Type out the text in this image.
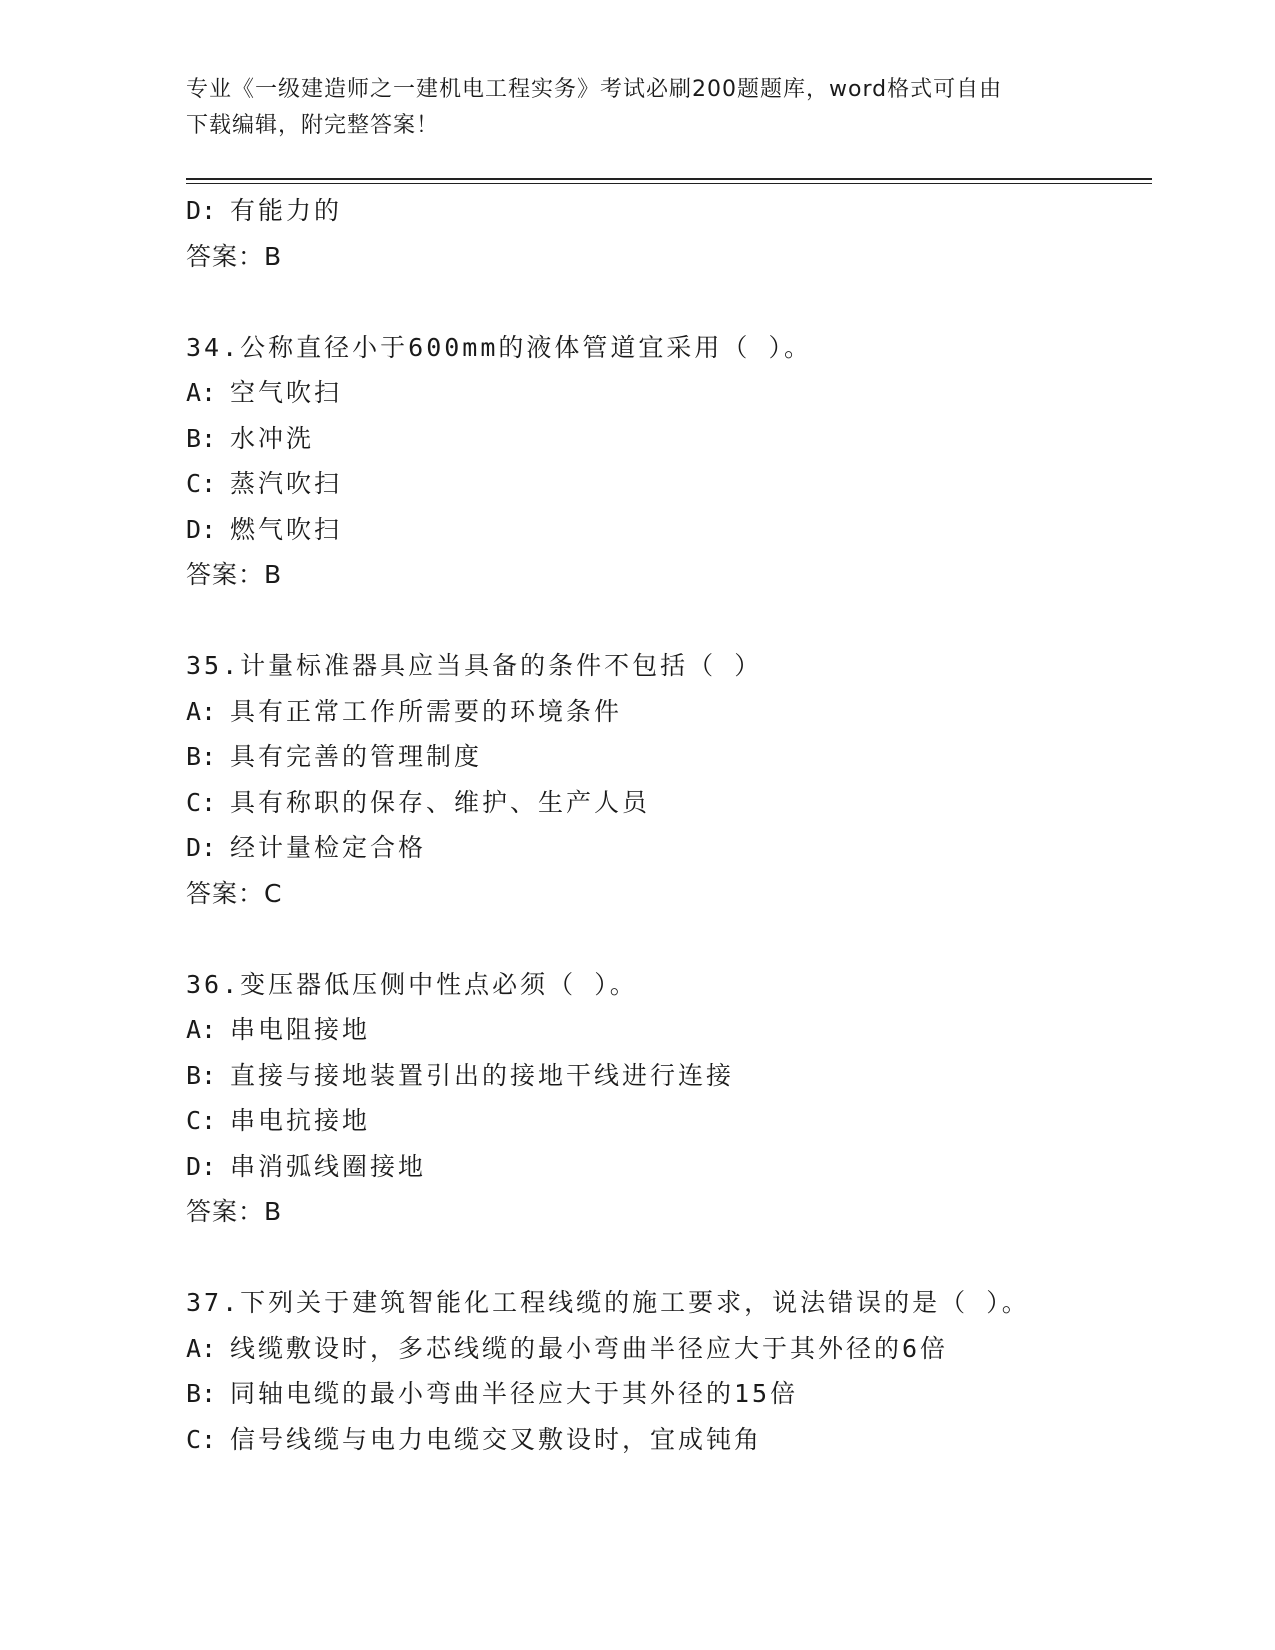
专业《一级建造师之一建机电工程实务》考试必刷200题题库，word格式可自由
下载编辑，附完整答案！
D: 有能力的
答案：B
34.公称直径小于600mm的液体管道宜采用（ ）。
A: 空气吹扫
B: 水冲洗
C: 蒸汽吹扫
D: 燃气吹扫
答案：B
35.计量标准器具应当具备的条件不包括（ ）
A: 具有正常工作所需要的环境条件
B: 具有完善的管理制度
C: 具有称职的保存、维护、生产人员
D: 经计量检定合格
答案：C
36.变压器低压侧中性点必须（ ）。
A: 串电阻接地
B: 直接与接地装置引出的接地干线进行连接
C: 串电抗接地
D: 串消弧线圈接地
答案：B
37.下列关于建筑智能化工程线缆的施工要求，说法错误的是（ ）。
A: 线缆敷设时，多芯线缆的最小弯曲半径应大于其外径的6倍
B: 同轴电缆的最小弯曲半径应大于其外径的15倍
C: 信号线缆与电力电缆交叉敷设时，宜成钝角
